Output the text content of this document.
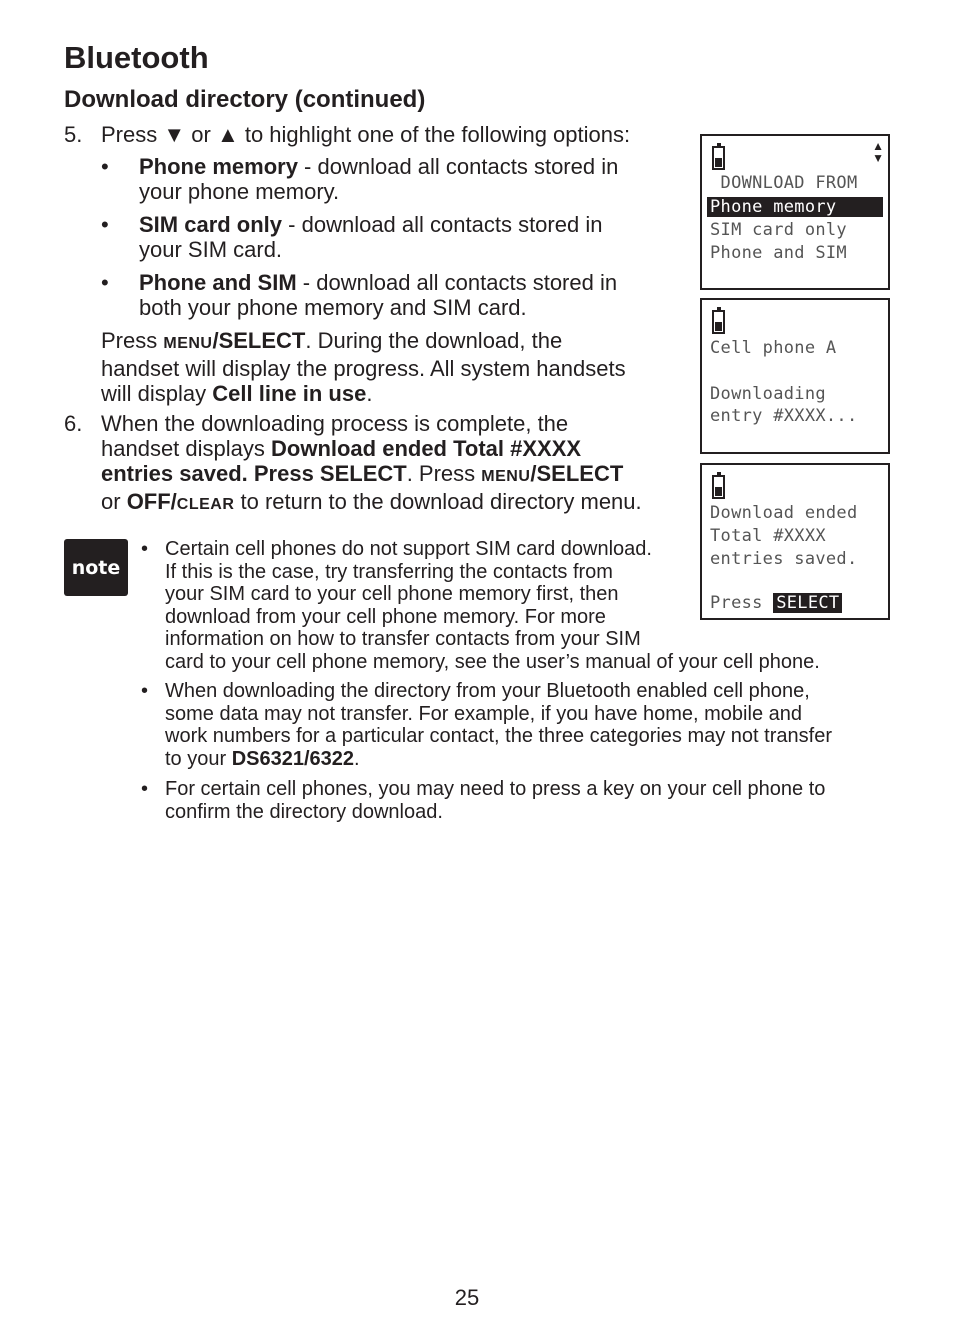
Bluetooth
Download directory (continued)
5. Press ▼ or ▲ to highlight one of the following options:
• Phone memory - download all contacts stored in
your phone memory.
• SIM card only - download all contacts stored in
your SIM card.
• Phone and SIM - download all contacts stored in
both your phone memory and SIM card.
Press MENU/SELECT. During the download, the
handset will display the progress. All system handsets
will display Cell line in use.
6. When the downloading process is complete, the
handset displays Download ended Total #XXXX
entries saved. Press SELECT. Press MENU/SELECT
or OFF/CLEAR to return to the download directory menu.
note
• Certain cell phones do not support SIM card download.
If this is the case, try transferring the contacts from
your SIM card to your cell phone memory first, then
download from your cell phone memory. For more
information on how to transfer contacts from your SIM
card to your cell phone memory, see the user’s manual of your cell phone.
• When downloading the directory from your Bluetooth enabled cell phone,
some data may not transfer. For example, if you have home, mobile and
work numbers for a particular contact, the three categories may not transfer
to your DS6321/6322.
• For certain cell phones, you may need to press a key on your cell phone to
confirm the directory download.
▲
▼
DOWNLOAD FROM
Phone memory
SIM card only
Phone and SIM
Cell phone A
Downloading
entry #XXXX...
Download ended
Total #XXXX
entries saved.
Press SELECT
25
